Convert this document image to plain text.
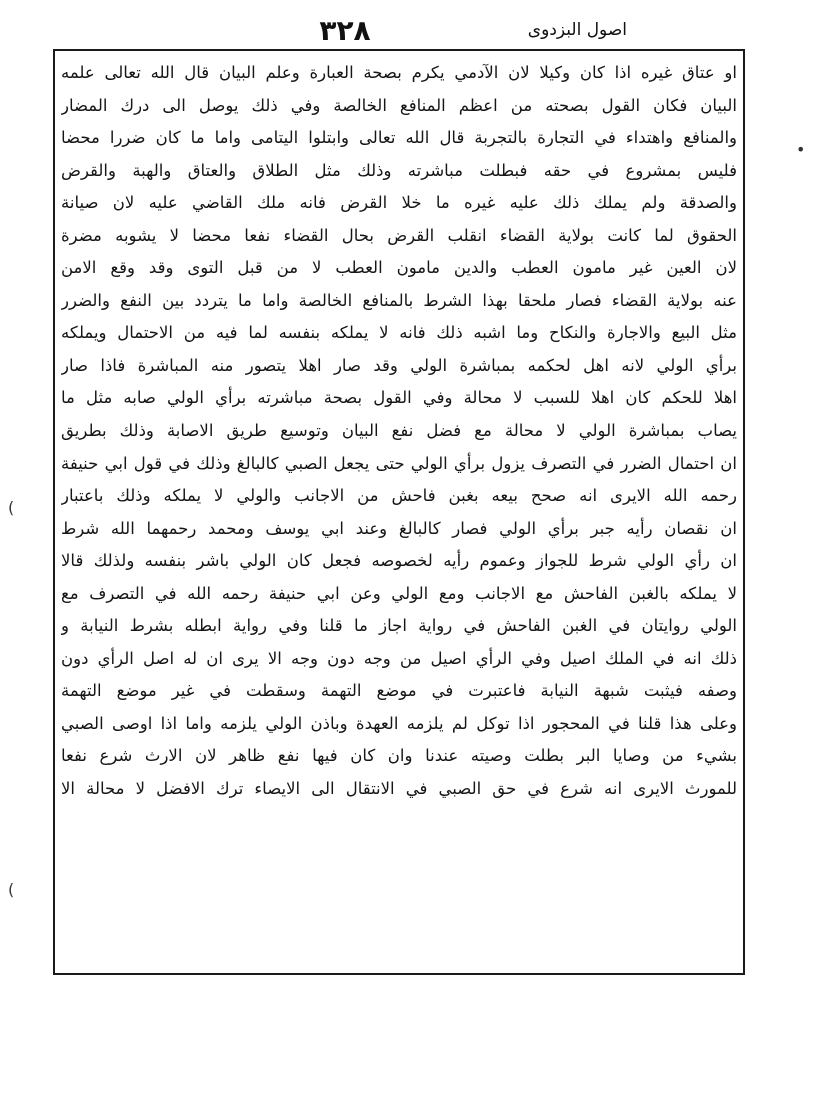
٣٢٨	اصول البزدوی
او عتاق غيره اذا كان وكيلا لان الآدمي يكرم بصحة العبارة وعلم البيان قال الله تعالى علمه
البيان فكان القول بصحته من اعظم المنافع الخالصة وفي ذلك يوصل الى درك المضار
والمنافع واهتداء في التجارة بالتجربة قال الله تعالى وابتلوا اليتامى واما ما كان ضررا محضا
فليس بمشروع في حقه فبطلت مباشرته وذلك مثل الطلاق والعتاق والهبة والقرض
والصدقة ولم يملك ذلك عليه غيره ما خلا القرض فانه ملك القاضي عليه لان صيانة
الحقوق لما كانت بولاية القضاء انقلب القرض بحال القضاء نفعا محضا لا يشوبه مضرة
لان العين غير مامون العطب والدين مامون العطب لا من قبل التوى وقد وقع الامن
عنه بولاية القضاء فصار ملحقا بهذا الشرط بالمنافع الخالصة واما ما يتردد بين النفع والضرر
مثل البيع والاجارة والنكاح وما اشبه ذلك فانه لا يملكه بنفسه لما فيه من الاحتمال ويملكه
برأي الولي لانه اهل لحكمه بمباشرة الولي وقد صار اهلا يتصور منه المباشرة فاذا صار
اهلا للحكم كان اهلا للسبب لا محالة وفي القول بصحة مباشرته برأي الولي صابه مثل ما
يصاب بمباشرة الولي لا محالة مع فضل نفع البيان وتوسيع طريق الاصابة وذلك بطريق
ان احتمال الضرر في التصرف يزول برأي الولي حتى يجعل الصبي كالبالغ وذلك في قول ابي حنيفة
رحمه الله الايرى انه صحح بيعه بغبن فاحش من الاجانب والولي لا يملكه وذلك باعتبار
ان نقصان رأيه جبر برأي الولي فصار كالبالغ وعند ابي يوسف ومحمد رحمهما الله شرط
ان رأي الولي شرط للجواز وعموم رأيه لخصوصه فجعل كان الولي باشر بنفسه ولذلك قالا
لا يملكه بالغبن الفاحش مع الاجانب ومع الولي وعن ابي حنيفة رحمه الله في التصرف مع
الولي روايتان في الغبن الفاحش في رواية اجاز ما قلنا وفي رواية ابطله بشرط النيابة و
ذلك انه في الملك اصيل وفي الرأي اصيل من وجه دون وجه الا يرى ان له اصل الرأي دون
وصفه فيثبت شبهة النيابة فاعتبرت في موضع التهمة وسقطت في غير موضع التهمة
وعلى هذا قلنا في المحجور اذا توكل لم يلزمه العهدة وباذن الولي يلزمه واما اذا اوصى الصبي
بشيء من وصايا البر بطلت وصيته عندنا وان كان فيها نفع ظاهر لان الارث شرع نفعا
للمورث الايرى انه شرع في حق الصبي في الانتقال الى الايصاء ترك الافضل لا محالة الا
•
(
(
